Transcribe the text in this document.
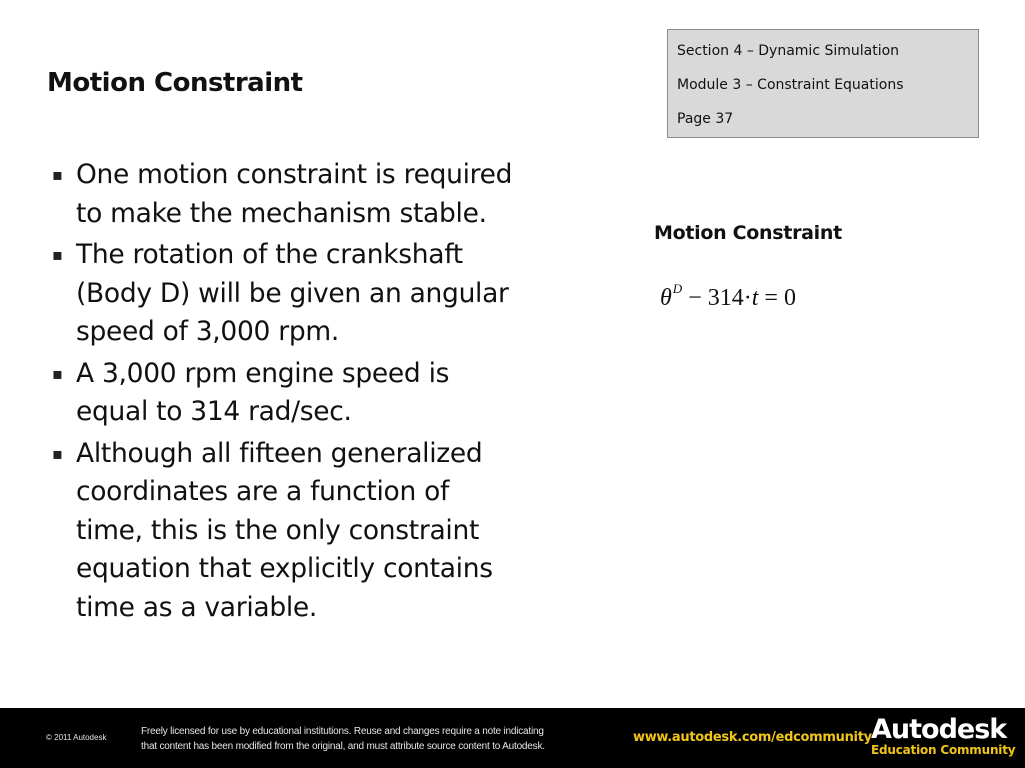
Motion Constraint
Section 4 – Dynamic Simulation
Module 3 – Constraint Equations
Page 37
▪ One motion constraint is required to make the mechanism stable.
▪ The rotation of the crankshaft (Body D) will be given an angular speed of 3,000 rpm.
▪ A 3,000 rpm engine speed is equal to 314 rad/sec.
▪ Although all fifteen generalized coordinates are a function of time, this is the only constraint equation that explicitly contains time as a variable.
Motion Constraint
$\theta^D - 314\cdot t = 0$
© 2011 Autodesk
Freely licensed for use by educational institutions. Reuse and changes require a note indicating
that content has been modified from the original, and must attribute source content to Autodesk.
www.autodesk.com/edcommunity Autodesk
Education Community
